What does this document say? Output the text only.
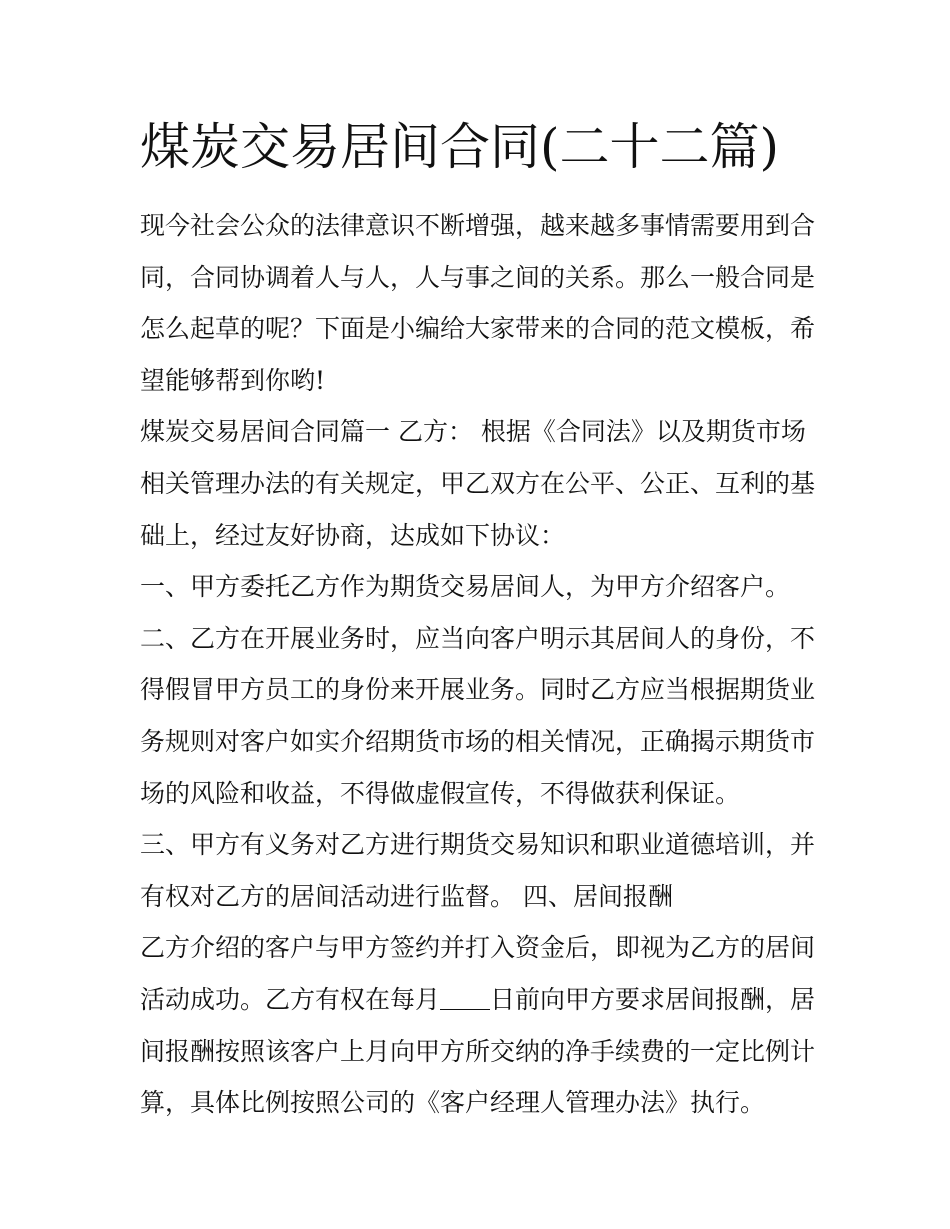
煤炭交易居间合同(二十二篇)
现今社会公众的法律意识不断增强，越来越多事情需要用到合
同，合同协调着人与人，人与事之间的关系。那么一般合同是
怎么起草的呢？下面是小编给大家带来的合同的范文模板，希
望能够帮到你哟!
煤炭交易居间合同篇一 乙方： 根据《合同法》以及期货市场
相关管理办法的有关规定，甲乙双方在公平、公正、互利的基
础上，经过友好协商，达成如下协议：
一、甲方委托乙方作为期货交易居间人，为甲方介绍客户。
二、乙方在开展业务时，应当向客户明示其居间人的身份，不
得假冒甲方员工的身份来开展业务。同时乙方应当根据期货业
务规则对客户如实介绍期货市场的相关情况，正确揭示期货市
场的风险和收益，不得做虚假宣传，不得做获利保证。
三、甲方有义务对乙方进行期货交易知识和职业道德培训，并
有权对乙方的居间活动进行监督。 四、居间报酬
乙方介绍的客户与甲方签约并打入资金后，即视为乙方的居间
活动成功。乙方有权在每月 日前向甲方要求居间报酬，居
间报酬按照该客户上月向甲方所交纳的净手续费的一定比例计
算，具体比例按照公司的《客户经理人管理办法》执行。
